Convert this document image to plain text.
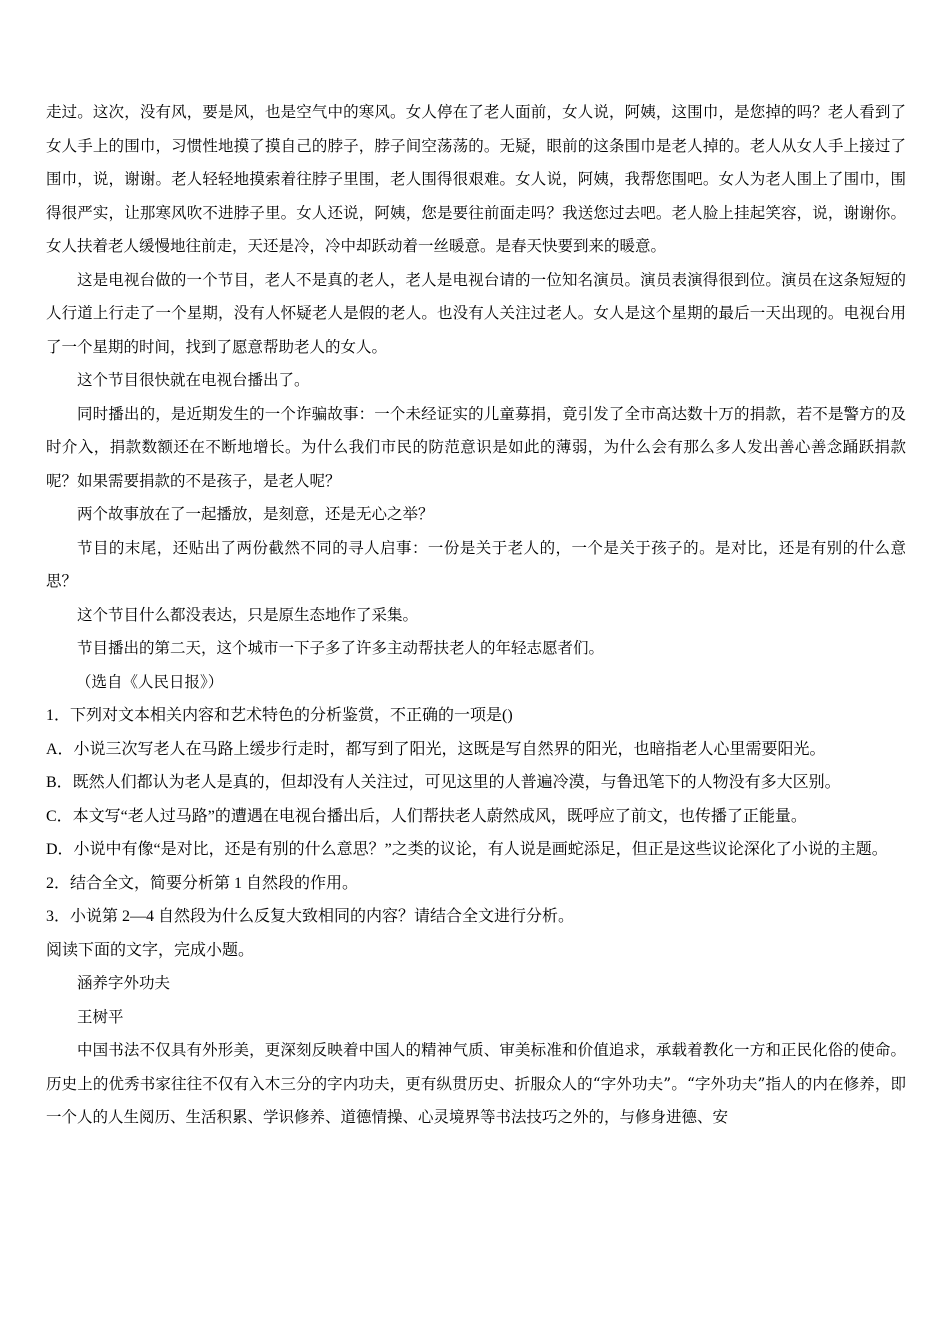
走过。这次，没有风，要是风，也是空气中的寒风。女人停在了老人面前，女人说，阿姨，这围巾，是您掉的吗？老人看到了女人手上的围巾，习惯性地摸了摸自己的脖子，脖子间空荡荡的。无疑，眼前的这条围巾是老人掉的。老人从女人手上接过了围巾，说，谢谢。老人轻轻地摸索着往脖子里围，老人围得很艰难。女人说，阿姨，我帮您围吧。女人为老人围上了围巾，围得很严实，让那寒风吹不进脖子里。女人还说，阿姨，您是要往前面走吗？我送您过去吧。老人脸上挂起笑容，说，谢谢你。女人扶着老人缓慢地往前走，天还是冷，冷中却跃动着一丝暖意。是春天快要到来的暖意。

这是电视台做的一个节目，老人不是真的老人，老人是电视台请的一位知名演员。演员表演得很到位。演员在这条短短的人行道上行走了一个星期，没有人怀疑老人是假的老人。也没有人关注过老人。女人是这个星期的最后一天出现的。电视台用了一个星期的时间，找到了愿意帮助老人的女人。

这个节目很快就在电视台播出了。

同时播出的，是近期发生的一个诈骗故事：一个未经证实的儿童募捐，竟引发了全市高达数十万的捐款，若不是警方的及时介入，捐款数额还在不断地增长。为什么我们市民的防范意识是如此的薄弱，为什么会有那么多人发出善心善念踊跃捐款呢？如果需要捐款的不是孩子，是老人呢？

两个故事放在了一起播放，是刻意，还是无心之举？

节目的末尾，还贴出了两份截然不同的寻人启事：一份是关于老人的，一个是关于孩子的。是对比，还是有别的什么意思？

这个节目什么都没表达，只是原生态地作了采集。

节目播出的第二天，这个城市一下子多了许多主动帮扶老人的年轻志愿者们。

（选自《人民日报》）

1．下列对文本相关内容和艺术特色的分析鉴赏，不正确的一项是()

A．小说三次写老人在马路上缓步行走时，都写到了阳光，这既是写自然界的阳光，也暗指老人心里需要阳光。

B．既然人们都认为老人是真的，但却没有人关注过，可见这里的人普遍冷漠，与鲁迅笔下的人物没有多大区别。

C．本文写“老人过马路”的遭遇在电视台播出后，人们帮扶老人蔚然成风，既呼应了前文，也传播了正能量。

D．小说中有像“是对比，还是有别的什么意思？”之类的议论，有人说是画蛇添足，但正是这些议论深化了小说的主题。

2．结合全文，简要分析第 1 自然段的作用。

3．小说第 2—4 自然段为什么反复大致相同的内容？请结合全文进行分析。

阅读下面的文字，完成小题。

涵养字外功夫

王树平

中国书法不仅具有外形美，更深刻反映着中国人的精神气质、审美标准和价值追求，承载着教化一方和正民化俗的使命。历史上的优秀书家往往不仅有入木三分的字内功夫，更有纵贯历史、折服众人的“字外功夫”。“字外功夫”指人的内在修养，即一个人的人生阅历、生活积累、学识修养、道德情操、心灵境界等书法技巧之外的，与修身进德、安
